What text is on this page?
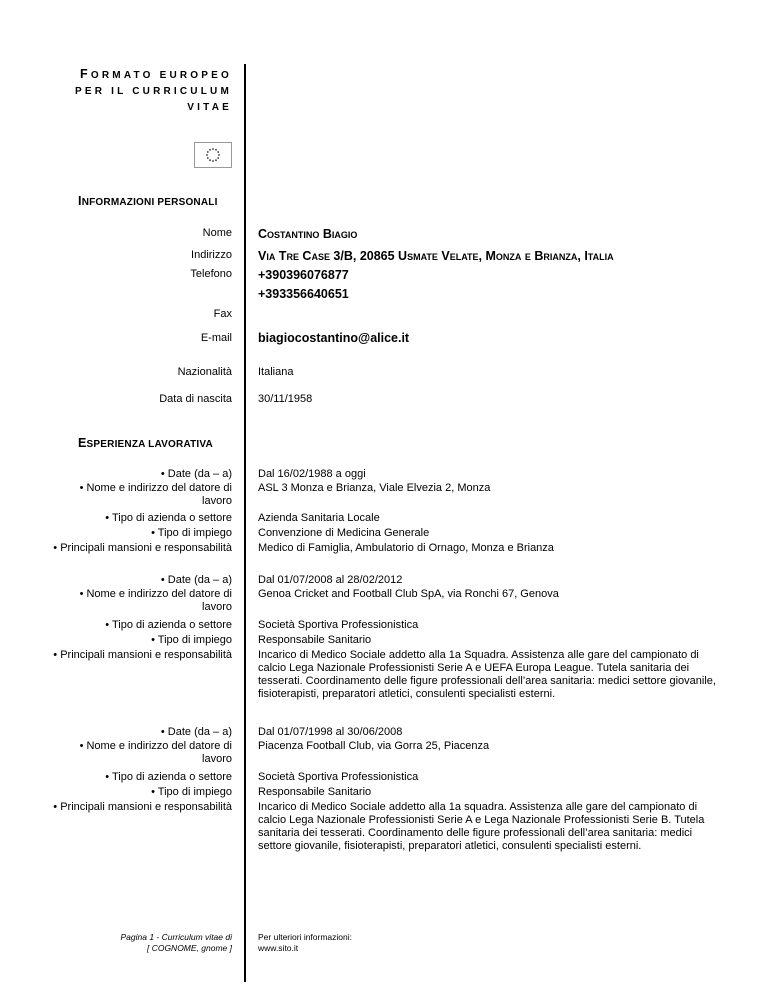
FORMATO EUROPEO
PER IL CURRICULUM
VITAE
INFORMAZIONI PERSONALI
Nome Costantino Biagio
Indirizzo Via Tre Case 3/B, 20865 Usmate Velate, Monza e Brianza, Italia
Telefono +390396076877
+393356640651
Fax
E-mail biagiocostantino@alice.it
Nazionalità Italiana
Data di nascita 30/11/1958
ESPERIENZA LAVORATIVA
• Date (da – a)
• Nome e indirizzo del datore di lavoro
• Tipo di azienda o settore
• Tipo di impiego
• Principali mansioni e responsabilità
Dal 16/02/1988 a oggi
ASL 3 Monza e Brianza, Viale Elvezia 2, Monza
Azienda Sanitaria Locale
Convenzione di Medicina Generale
Medico di Famiglia, Ambulatorio di Ornago, Monza e Brianza
• Date (da – a)
• Nome e indirizzo del datore di lavoro
• Tipo di azienda o settore
• Tipo di impiego
• Principali mansioni e responsabilità
Dal 01/07/2008 al 28/02/2012
Genoa Cricket and Football Club SpA, via Ronchi 67, Genova
Società Sportiva Professionistica
Responsabile Sanitario
Incarico di Medico Sociale addetto alla 1a Squadra. Assistenza alle gare del campionato di calcio Lega Nazionale Professionisti Serie A e UEFA Europa League. Tutela sanitaria dei tesserati. Coordinamento delle figure professionali dell’area sanitaria: medici settore giovanile, fisioterapisti, preparatori atletici, consulenti specialisti esterni.
• Date (da – a)
• Nome e indirizzo del datore di lavoro
• Tipo di azienda o settore
• Tipo di impiego
• Principali mansioni e responsabilità
Dal 01/07/1998 al 30/06/2008
Piacenza Football Club, via Gorra 25, Piacenza
Società Sportiva Professionistica
Responsabile Sanitario
Incarico di Medico Sociale addetto alla 1a squadra. Assistenza alle gare del campionato di calcio Lega Nazionale Professionisti Serie A e Lega Nazionale Professionisti Serie B. Tutela sanitaria dei tesserati. Coordinamento delle figure professionali dell’area sanitaria: medici settore giovanile, fisioterapisti, preparatori atletici, consulenti specialisti esterni.
Pagina 1 - Curriculum vitae di
[ COGNOME, gnome ]
Per ulteriori informazioni:
www.sito.it
